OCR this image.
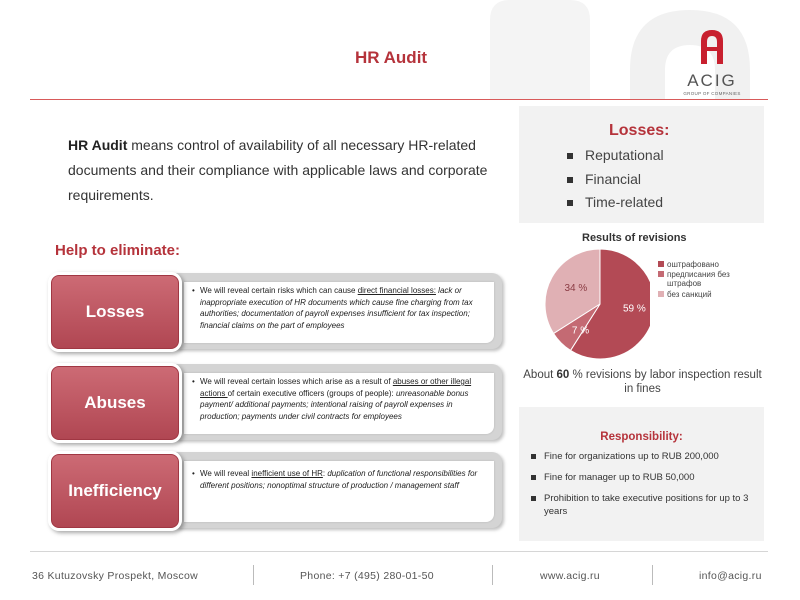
HR Audit
ACIG
GROUP OF COMPANIES

HR Audit means control of availability of all necessary HR-related documents and their compliance with applicable laws and corporate requirements.

Help to eliminate:
• We will reveal certain risks which can cause direct financial losses: lack or inappropriate execution of HR documents which cause fine charging from tax authorities; documentation of payroll expenses insufficient for tax inspection; financial claims on the part of employees
Losses
• We will reveal certain losses which arise as a result of abuses or other illegal actions of certain executive officers (groups of people): unreasonable bonus payment/ additional payments; intentional raising of payroll expenses in production; payments under civil contracts for employees
Abuses
• We will reveal inefficient use of HR: duplication of functional responsibilities for different positions; nonoptimal structure of production / management staff
Inefficiency
Losses:
Reputational
Financial
Time-related
Results of revisions
59 %
7 %
34 %
оштрафовано
предписания без штрафов
без санкций
About 60 % revisions by labor inspection result in fines
Responsibility:
Fine for organizations up to RUB 200,000
Fine for manager up to RUB 50,000
Prohibition to take executive positions for up to 3 years
36 Kutuzovsky Prospekt, Moscow	Phone: +7 (495) 280-01-50	www.acig.ru	info@acig.ru
